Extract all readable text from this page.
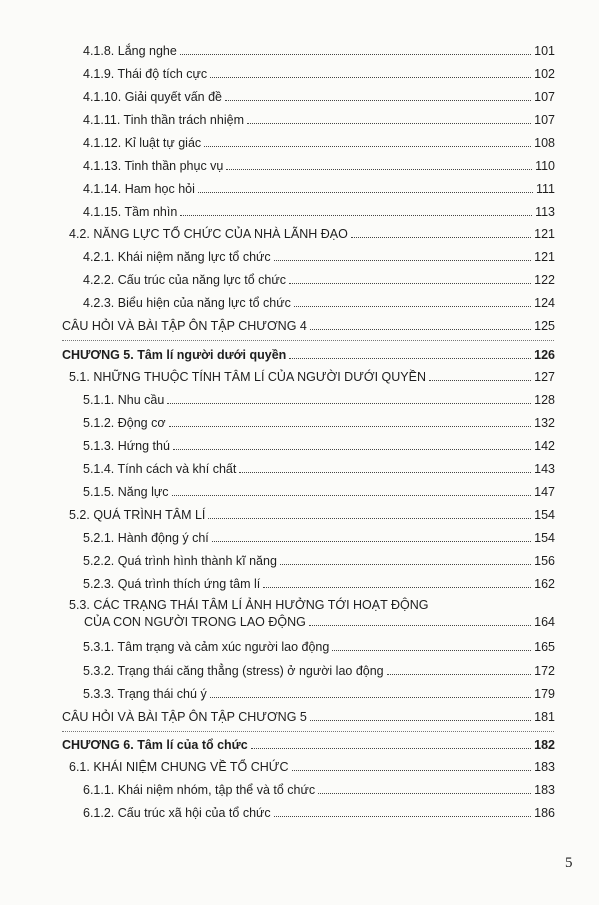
4.1.8. Lắng nghe	101
4.1.9. Thái độ tích cực	102
4.1.10. Giải quyết vấn đề	107
4.1.11. Tinh thần trách nhiệm	107
4.1.12. Kỉ luật tự giác	108
4.1.13. Tinh thần phục vụ	110
4.1.14. Ham học hỏi	111
4.1.15. Tầm nhìn	113
4.2. NĂNG LỰC TỔ CHỨC CỦA NHÀ LÃNH ĐẠO	121
4.2.1. Khái niệm năng lực tổ chức	121
4.2.2. Cấu trúc của năng lực tổ chức	122
4.2.3. Biểu hiện của năng lực tổ chức	124
CÂU HỎI VÀ BÀI TẬP ÔN TẬP CHƯƠNG 4	125
CHƯƠNG 5. Tâm lí người dưới quyền	126
5.1. NHỮNG THUỘC TÍNH TÂM LÍ CỦA NGƯỜI DƯỚI QUYỀN	127
5.1.1. Nhu cầu	128
5.1.2. Động cơ	132
5.1.3. Hứng thú	142
5.1.4. Tính cách và khí chất	143
5.1.5. Năng lực	147
5.2. QUÁ TRÌNH TÂM LÍ	154
5.2.1. Hành động ý chí	154
5.2.2. Quá trình hình thành kĩ năng	156
5.2.3. Quá trình thích ứng tâm lí	162
5.3. CÁC TRẠNG THÁI TÂM LÍ ẢNH HƯỞNG TỚI HOẠT ĐỘNG
CỦA CON NGƯỜI TRONG LAO ĐỘNG	164
5.3.1. Tâm trạng và cảm xúc người lao động	165
5.3.2. Trạng thái căng thẳng (stress) ở người lao động	172
5.3.3. Trạng thái chú ý	179
CÂU HỎI VÀ BÀI TẬP ÔN TẬP CHƯƠNG 5	181
CHƯƠNG 6. Tâm lí của tổ chức	182
6.1. KHÁI NIỆM CHUNG VỀ TỔ CHỨC	183
6.1.1. Khái niệm nhóm, tập thể và tổ chức	183
6.1.2. Cấu trúc xã hội của tổ chức	186
5
